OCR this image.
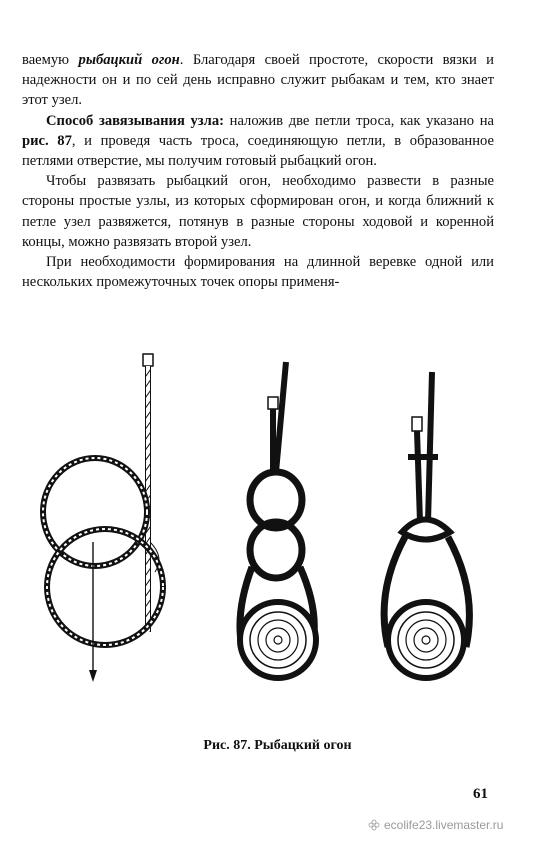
ваемую рыбацкий огон. Благодаря своей простоте, скорости вязки и надежности он и по сей день исправно служит рыбакам и тем, кто знает этот узел.

Способ завязывания узла: наложив две петли троса, как указано на рис. 87, и проведя часть троса, соединяющую петли, в образованное петлями отверстие, мы получим готовый рыбацкий огон.

Чтобы развязать рыбацкий огон, необходимо развести в разные стороны простые узлы, из которых сформирован огон, и когда ближний к петле узел развяжется, потянув в разные стороны ходовой и коренной концы, можно развязать второй узел.

При необходимости формирования на длинной веревке одной или нескольких промежуточных точек опоры применя-

Рис. 87. Рыбацкий огон
61
ecolife23.livemaster.ru
